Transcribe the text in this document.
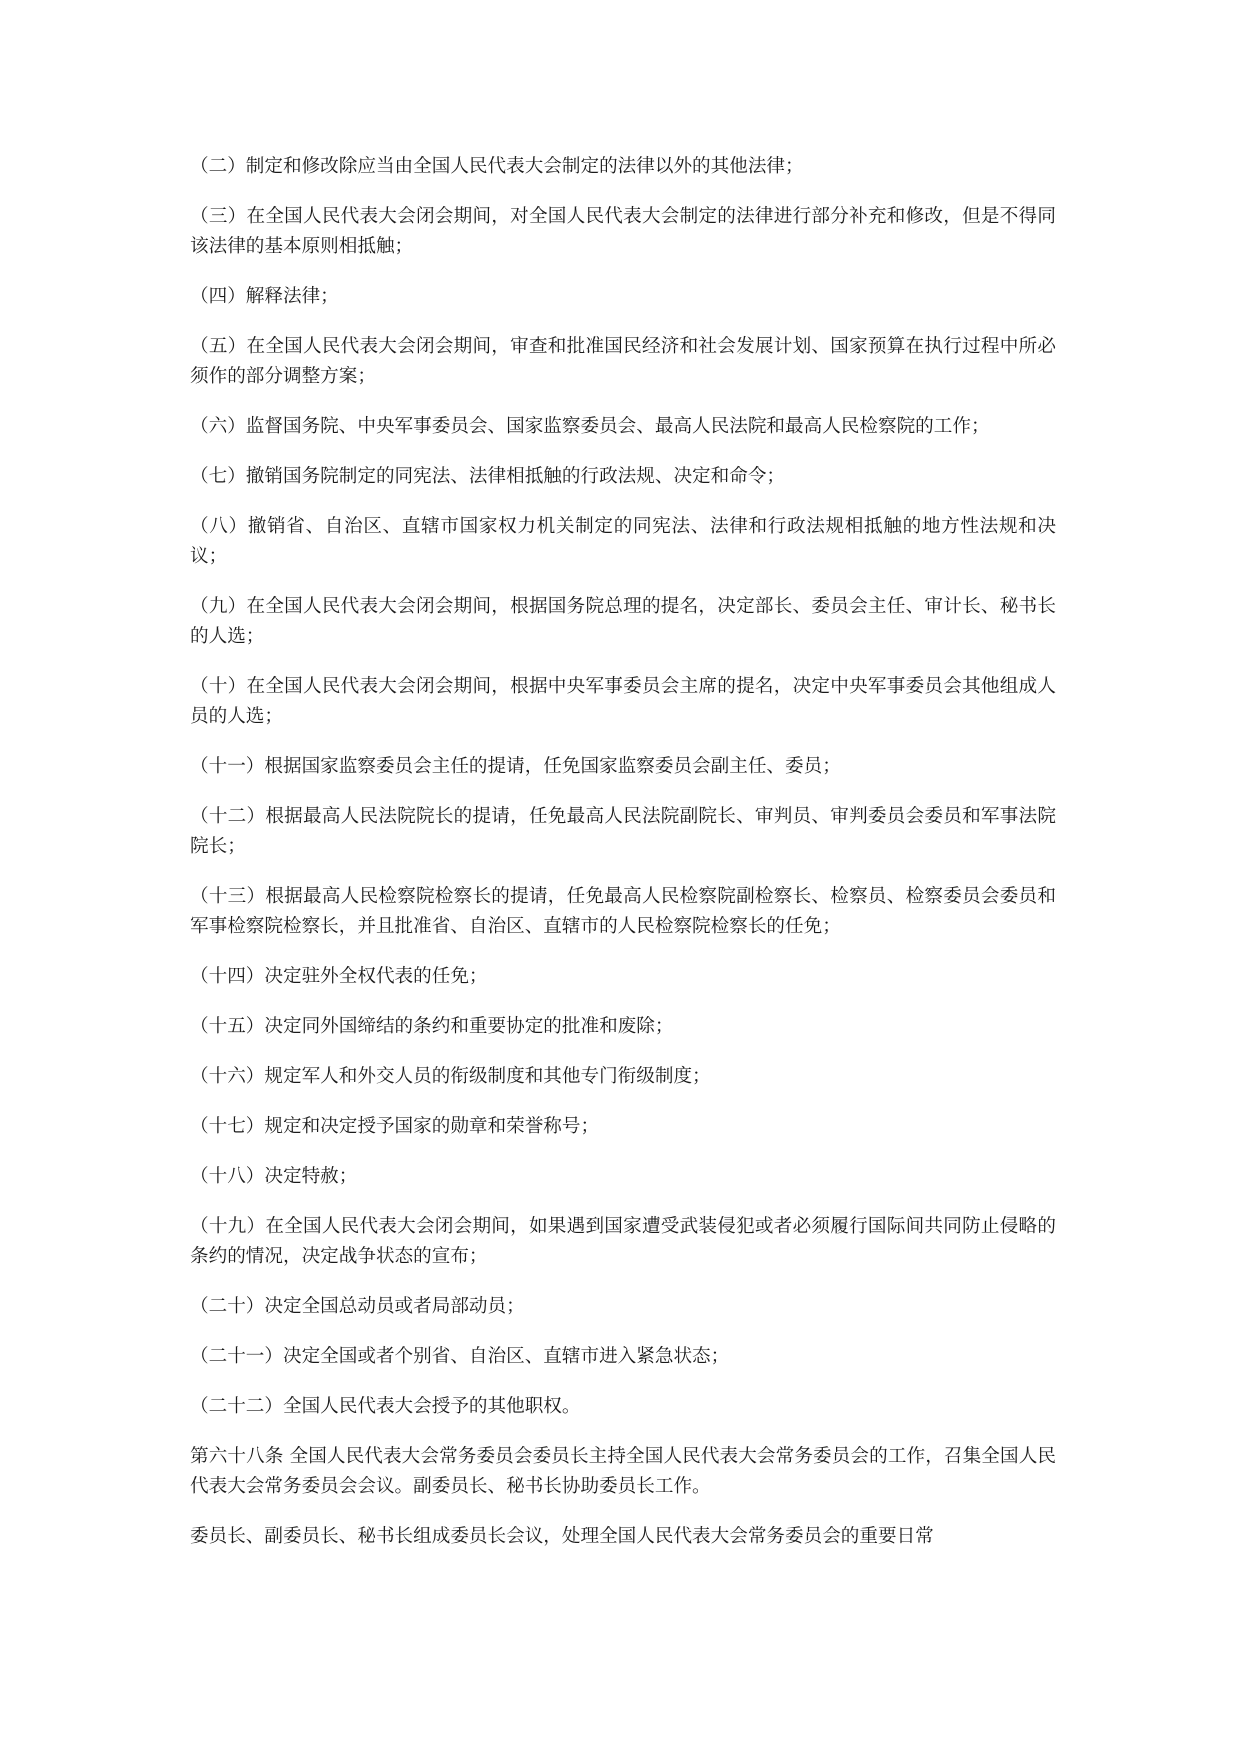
（二）制定和修改除应当由全国人民代表大会制定的法律以外的其他法律；

（三）在全国人民代表大会闭会期间，对全国人民代表大会制定的法律进行部分补充和修改，但是不得同该法律的基本原则相抵触；

（四）解释法律；

（五）在全国人民代表大会闭会期间，审查和批准国民经济和社会发展计划、国家预算在执行过程中所必须作的部分调整方案；

（六）监督国务院、中央军事委员会、国家监察委员会、最高人民法院和最高人民检察院的工作；

（七）撤销国务院制定的同宪法、法律相抵触的行政法规、决定和命令；

（八）撤销省、自治区、直辖市国家权力机关制定的同宪法、法律和行政法规相抵触的地方性法规和决议；

（九）在全国人民代表大会闭会期间，根据国务院总理的提名，决定部长、委员会主任、审计长、秘书长的人选；

（十）在全国人民代表大会闭会期间，根据中央军事委员会主席的提名，决定中央军事委员会其他组成人员的人选；

（十一）根据国家监察委员会主任的提请，任免国家监察委员会副主任、委员；

（十二）根据最高人民法院院长的提请，任免最高人民法院副院长、审判员、审判委员会委员和军事法院院长；

（十三）根据最高人民检察院检察长的提请，任免最高人民检察院副检察长、检察员、检察委员会委员和军事检察院检察长，并且批准省、自治区、直辖市的人民检察院检察长的任免；

（十四）决定驻外全权代表的任免；

（十五）决定同外国缔结的条约和重要协定的批准和废除；

（十六）规定军人和外交人员的衔级制度和其他专门衔级制度；

（十七）规定和决定授予国家的勋章和荣誉称号；

（十八）决定特赦；

（十九）在全国人民代表大会闭会期间，如果遇到国家遭受武装侵犯或者必须履行国际间共同防止侵略的条约的情况，决定战争状态的宣布；

（二十）决定全国总动员或者局部动员；

（二十一）决定全国或者个别省、自治区、直辖市进入紧急状态；

（二十二）全国人民代表大会授予的其他职权。

第六十八条 全国人民代表大会常务委员会委员长主持全国人民代表大会常务委员会的工作，召集全国人民代表大会常务委员会会议。副委员长、秘书长协助委员长工作。

委员长、副委员长、秘书长组成委员长会议，处理全国人民代表大会常务委员会的重要日常
